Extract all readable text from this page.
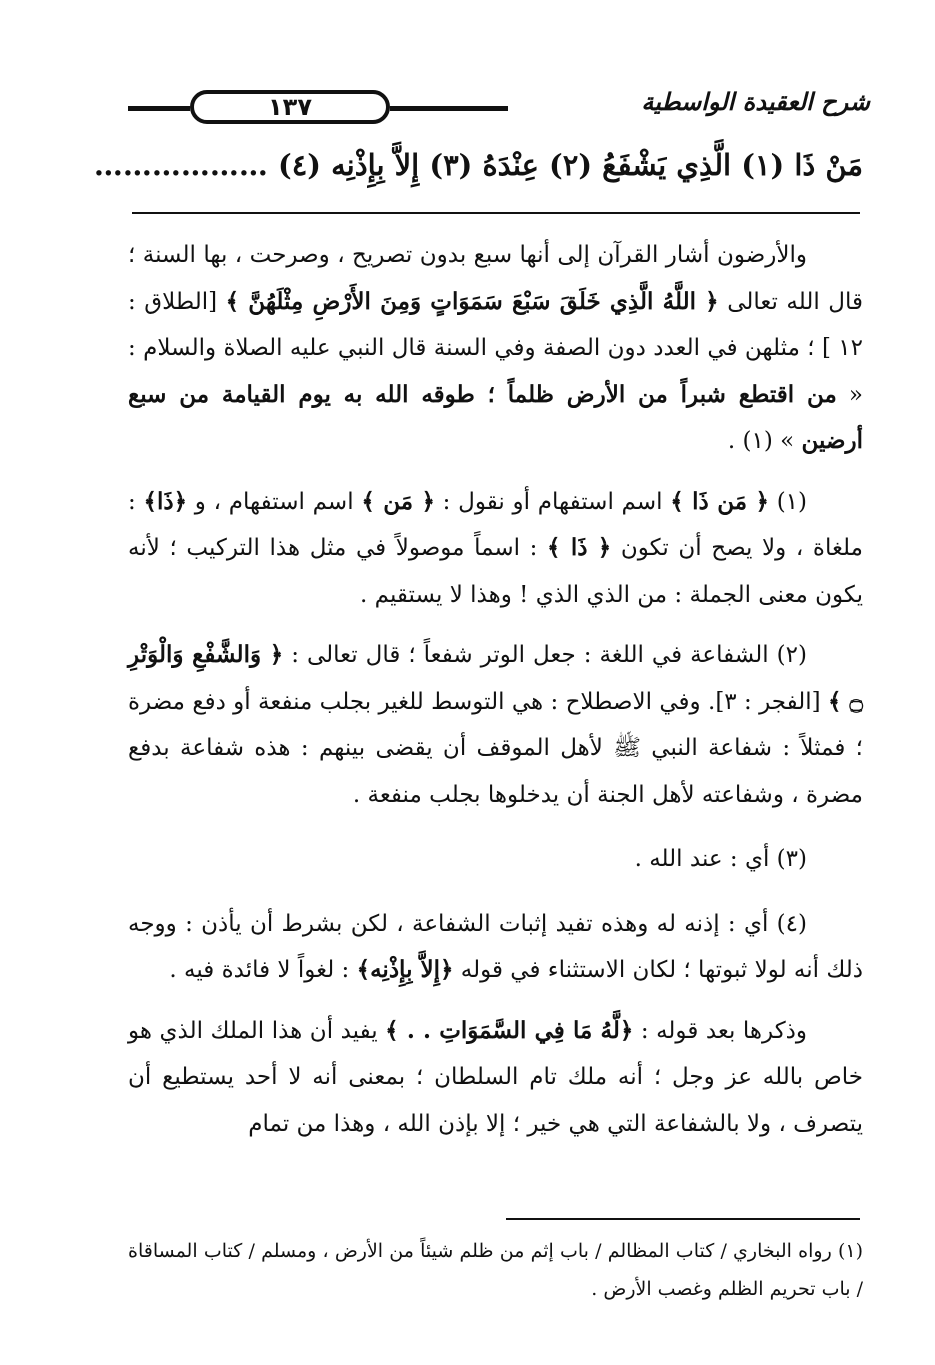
١٣٧	شرح العقيدة الواسطية
مَنْ ذَا (١) الَّذِي يَشْفَعُ (٢) عِنْدَهُ (٣) إِلاَّ بِإِذْنِه (٤) ………………

والأرضون أشار القرآن إلى أنها سبع بدون تصريح ، وصرحت ، بها السنة ؛ قال الله تعالى ﴿ اللَّهُ الَّذِي خَلَقَ سَبْعَ سَمَوَاتٍ وَمِنَ الأَرْضِ مِثْلَهُنَّ ﴾ [الطلاق : ١٢ ] ؛ مثلهن في العدد دون الصفة وفي السنة قال النبي عليه الصلاة والسلام : « من اقتطع شبراً من الأرض ظلماً ؛ طوقه الله به يوم القيامة من سبع أرضين » (١) .

(١) ﴿ مَن ذَا ﴾ اسم استفهام أو نقول : ﴿ مَن ﴾ اسم استفهام ، و ﴿ذَا﴾ : ملغاة ، ولا يصح أن تكون ﴿ ذَا ﴾ : اسماً موصولاً في مثل هذا التركيب ؛ لأنه يكون معنى الجملة : من الذي الذي ! وهذا لا يستقيم .

(٢) الشفاعة في اللغة : جعل الوتر شفعاً ؛ قال تعالى : ﴿ وَالشَّفْعِ وَالْوَتْرِ ۝ ﴾ [الفجر : ٣]. وفي الاصطلاح : هي التوسط للغير بجلب منفعة أو دفع مضرة ؛ فمثلاً : شفاعة النبي ﷺ لأهل الموقف أن يقضى بينهم : هذه شفاعة بدفع مضرة ، وشفاعته لأهل الجنة أن يدخلوها بجلب منفعة .

(٣) أي : عند الله .

(٤) أي : إذنه له وهذه تفيد إثبات الشفاعة ، لكن بشرط أن يأذن : ووجه ذلك أنه لولا ثبوتها ؛ لكان الاستثناء في قوله ﴿إِلاَّ بِإِذْنِه﴾ : لغواً لا فائدة فيه .

وذكرها بعد قوله : ﴿لَّهُ مَا فِي السَّمَوَاتِ . . ﴾ يفيد أن هذا الملك الذي هو خاص بالله عز وجل ؛ أنه ملك تام السلطان ؛ بمعنى أنه لا أحد يستطيع أن يتصرف ، ولا بالشفاعة التي هي خير ؛ إلا بإذن الله ، وهذا من تمام

(١) رواه البخاري / كتاب المظالم / باب إثم من ظلم شيئاً من الأرض ، ومسلم / كتاب المساقاة / باب تحريم الظلم وغصب الأرض .
